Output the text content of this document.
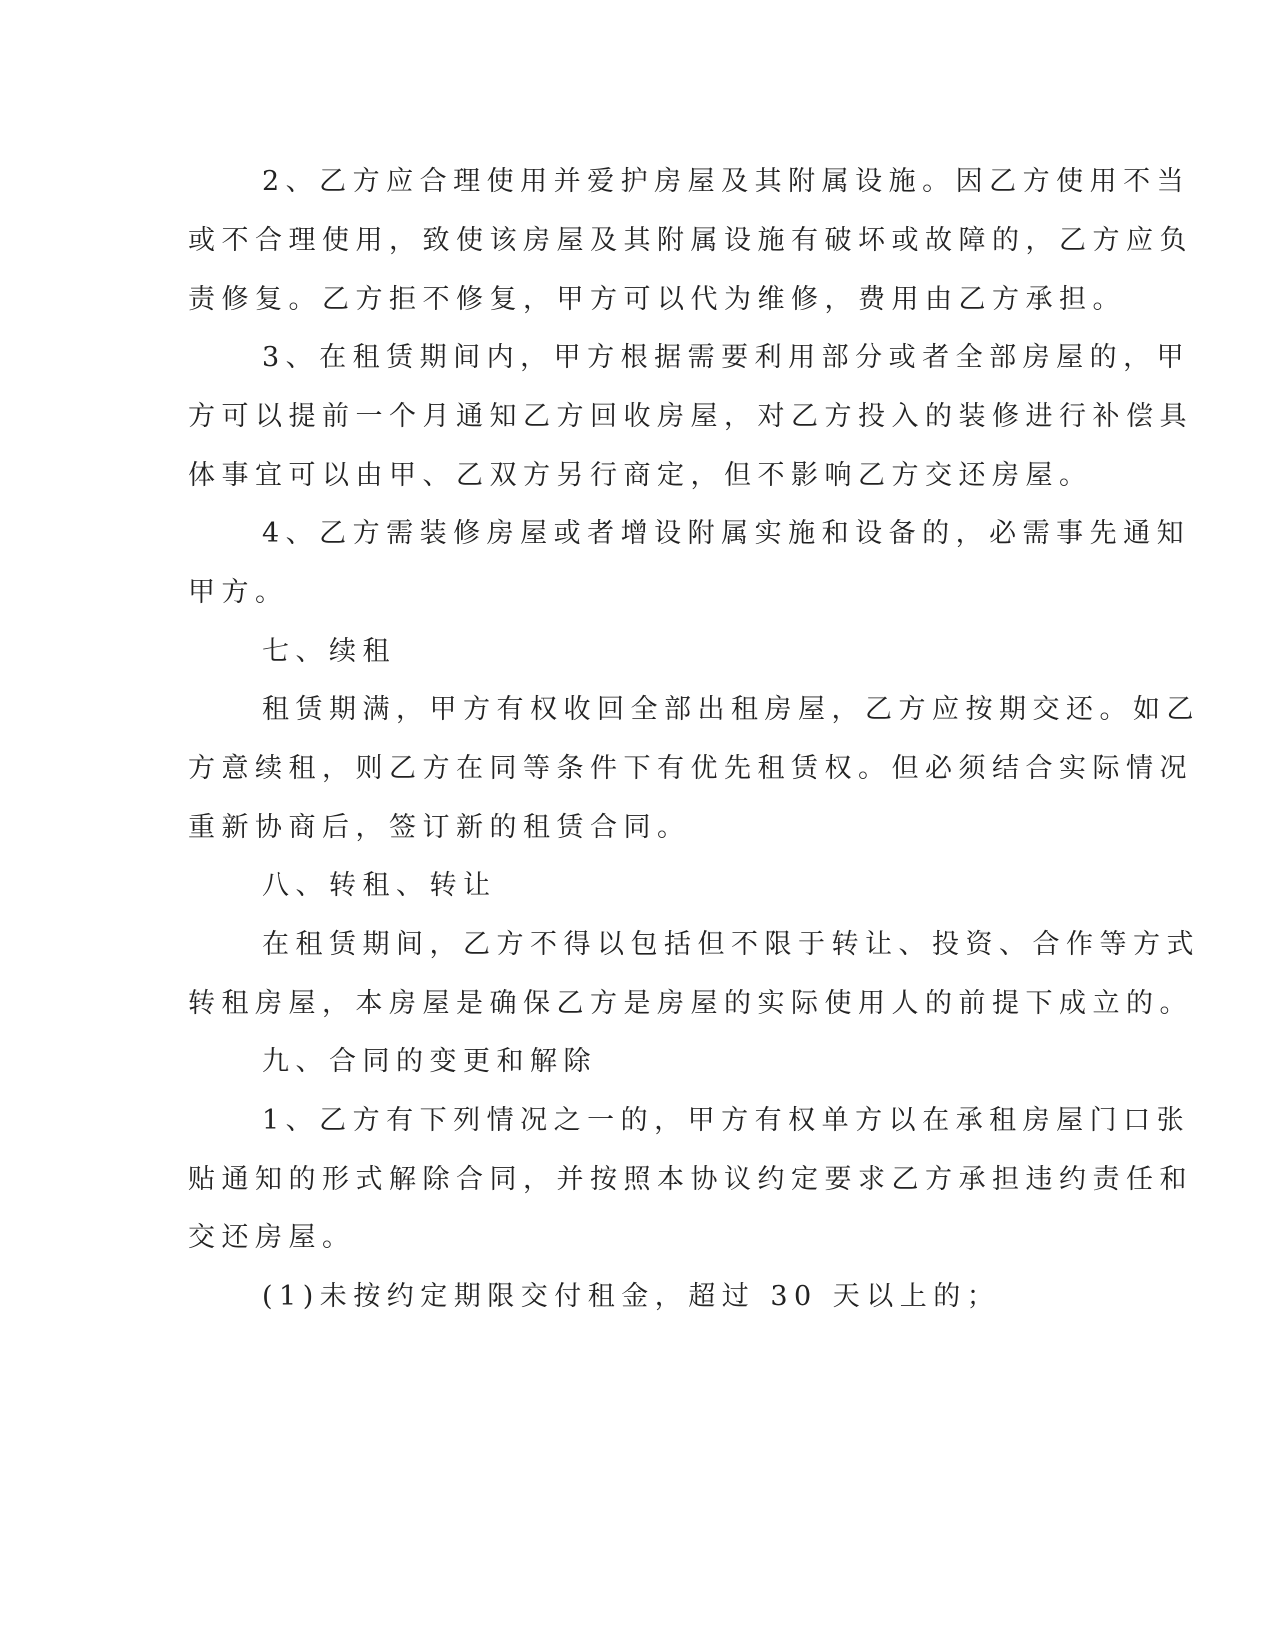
2、乙方应合理使用并爱护房屋及其附属设施。因乙方使用不当
或不合理使用，致使该房屋及其附属设施有破坏或故障的，乙方应负
责修复。乙方拒不修复，甲方可以代为维修，费用由乙方承担。
3、在租赁期间内，甲方根据需要利用部分或者全部房屋的，甲
方可以提前一个月通知乙方回收房屋，对乙方投入的装修进行补偿具
体事宜可以由甲、乙双方另行商定，但不影响乙方交还房屋。
4、乙方需装修房屋或者增设附属实施和设备的，必需事先通知
甲方。
七、续租
租赁期满，甲方有权收回全部出租房屋，乙方应按期交还。如乙
方意续租，则乙方在同等条件下有优先租赁权。但必须结合实际情况
重新协商后，签订新的租赁合同。
八、转租、转让
在租赁期间，乙方不得以包括但不限于转让、投资、合作等方式
转租房屋，本房屋是确保乙方是房屋的实际使用人的前提下成立的。
九、合同的变更和解除
1、乙方有下列情况之一的，甲方有权单方以在承租房屋门口张
贴通知的形式解除合同，并按照本协议约定要求乙方承担违约责任和
交还房屋。
(1)未按约定期限交付租金，超过 30 天以上的；
